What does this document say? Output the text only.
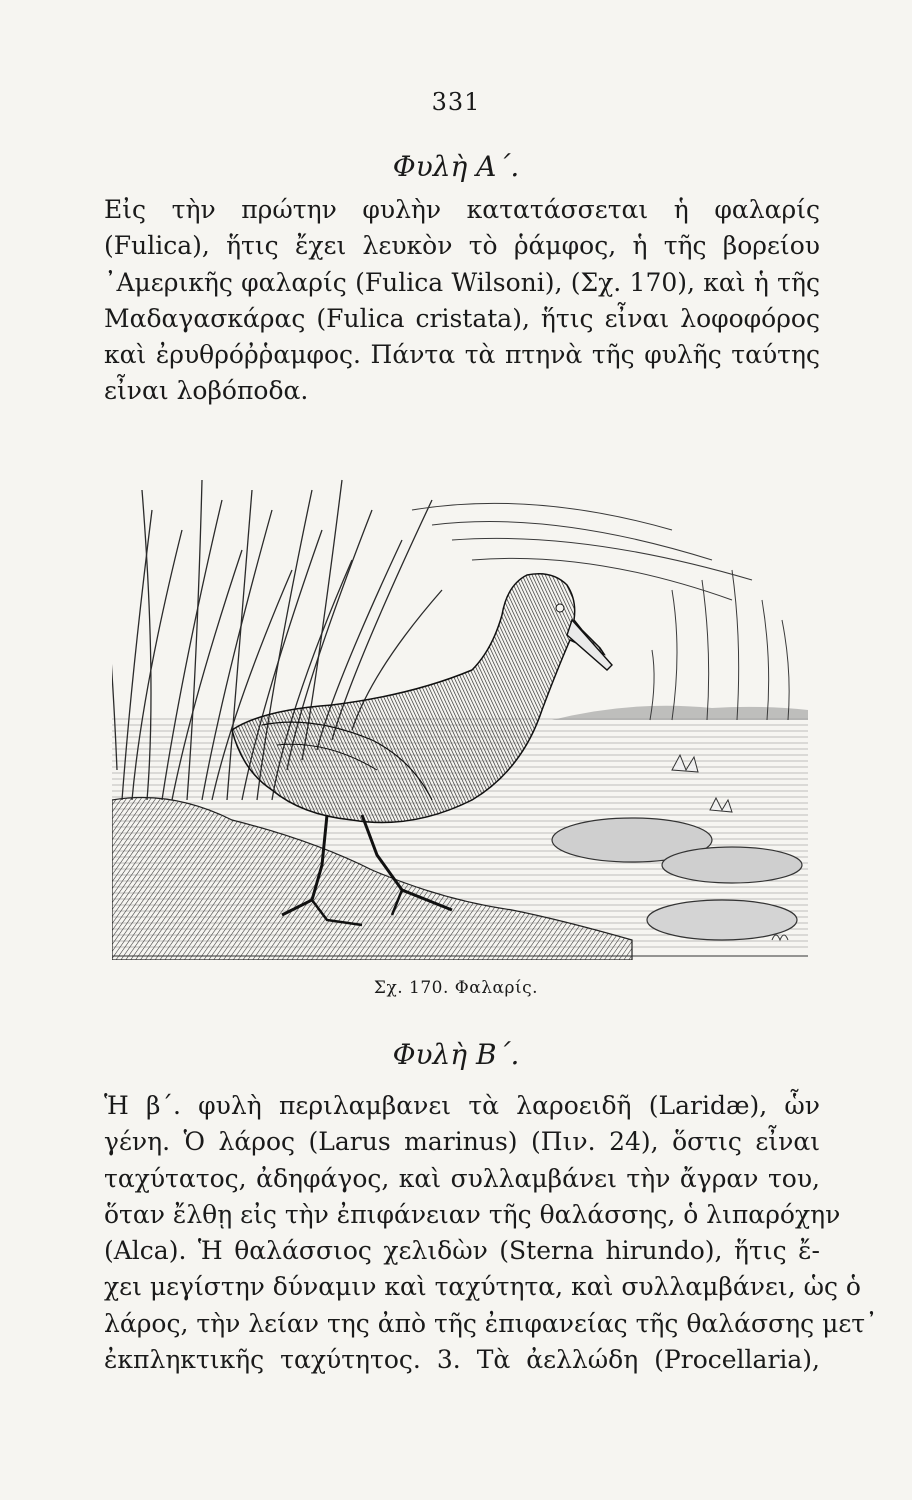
331
Φυλὴ Α΄.
Εἰς τὴν πρώτην φυλὴν κατατάσσεται ἡ φαλαρίς
(Fulica), ἥτις ἔχει λευκὸν τὸ ῥάμφος, ἡ τῆς βορείου
᾿Αμερικῆς φαλαρίς (Fulica Wilsoni), (Σχ. 170), καὶ ἡ τῆς
Μαδαγασκάρας (Fulica cristata), ἥτις εἶναι λοφοφόρος
καὶ ἐρυθρόῤῥαμφος. Πάντα τὰ πτηνὰ τῆς φυλῆς ταύτης
εἶναι λοβόποδα.
Σχ. 170. Φαλαρίς.
Φυλὴ Β΄.
Ἡ β΄. φυλὴ περιλαμβανει τὰ λαροειδῆ (Laridæ), ὧν
γένη. Ὁ λάρος (Larus marinus) (Πιν. 24), ὅστις εἶναι
ταχύτατος, ἀδηφάγος, καὶ συλλαμβάνει τὴν ἄγραν του,
ὅταν ἔλθῃ εἰς τὴν ἐπιφάνειαν τῆς θαλάσσης, ὁ λιπαρόχην
(Alca). Ἡ θαλάσσιος χελιδὼν (Sterna hirundo), ἥτις ἔ-
χει μεγίστην δύναμιν καὶ ταχύτητα, καὶ συλλαμβάνει, ὡς ὁ
λάρος, τὴν λείαν της ἀπὸ τῆς ἐπιφανείας τῆς θαλάσσης μετ᾿
ἐκπληκτικῆς ταχύτητος. 3. Τὰ ἀελλώδη (Procellaria),
